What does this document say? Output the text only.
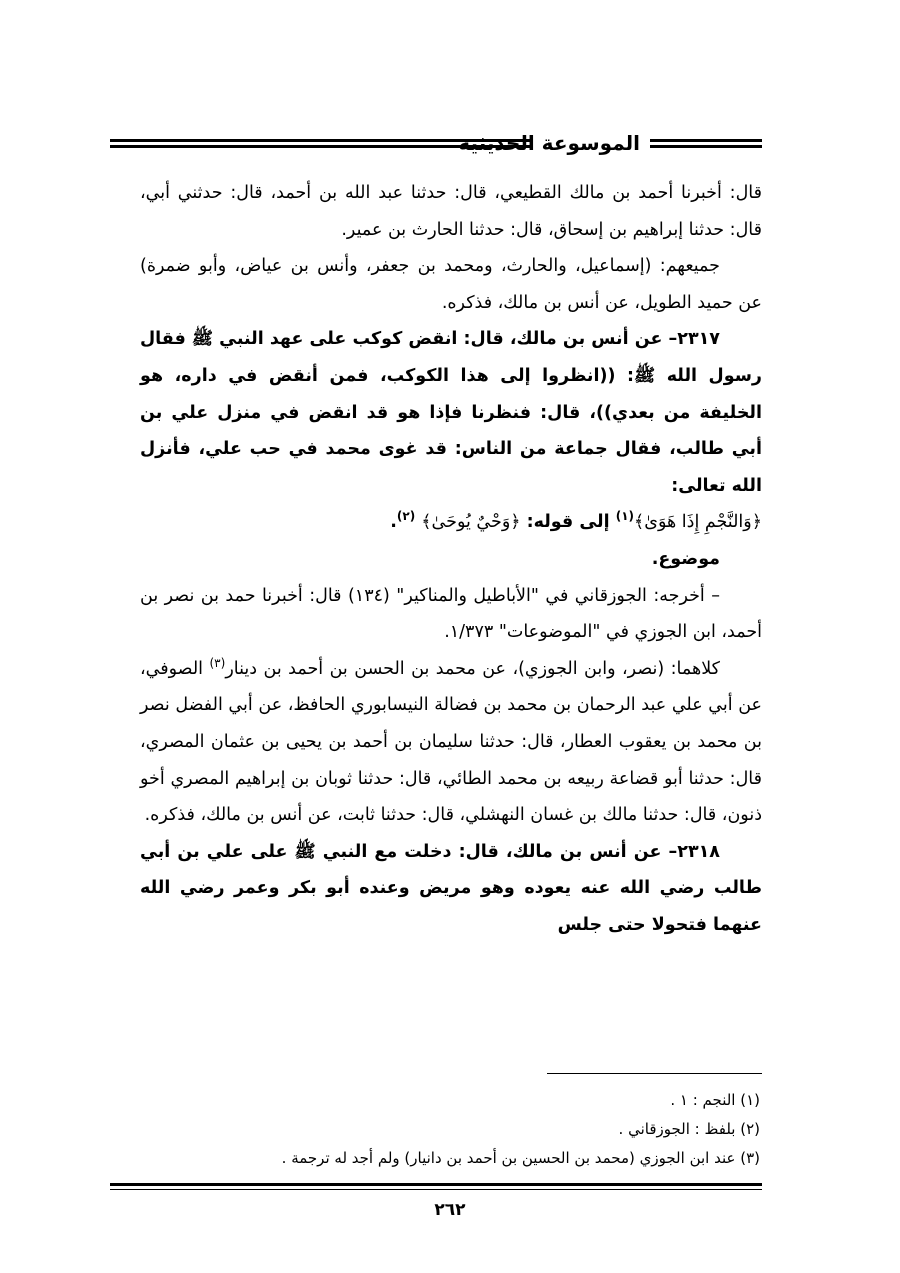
الموسوعة الحديثية

قال: أخبرنا أحمد بن مالك القطيعي، قال: حدثنا عبد الله بن أحمد، قال: حدثني أبي، قال: حدثنا إبراهيم بن إسحاق، قال: حدثنا الحارث بن عمير.

جميعهم: (إسماعيل، والحارث، ومحمد بن جعفر، وأنس بن عياض، وأبو ضمرة) عن حميد الطويل، عن أنس بن مالك، فذكره.

٢٣١٧– عن أنس بن مالك، قال: انقض كوكب على عهد النبي ﷺ فقال رسول الله ﷺ: ((انظروا إلى هذا الكوكب، فمن أنقض في داره، هو الخليفة من بعدي))، قال: فنظرنا فإذا هو قد انقض في منزل علي بن أبي طالب، فقال جماعة من الناس: قد غوى محمد في حب علي، فأنزل الله تعالى:
﴿وَالنَّجْمِ إِذَا هَوَىٰ﴾$^{(١)}$ إلى قوله: ﴿وَحْيٌ يُوحَىٰ﴾ $^{(٢)}$.

موضوع.

– أخرجه: الجوزقاني في "الأباطيل والمناكير" (١٣٤) قال: أخبرنا حمد بن نصر بن أحمد، ابن الجوزي في "الموضوعات" ١/٣٧٣.

كلاهما: (نصر، وابن الجوزي)، عن محمد بن الحسن بن أحمد بن دينار$^{(٣)}$ الصوفي، عن أبي علي عبد الرحمان بن محمد بن فضالة النيسابوري الحافظ، عن أبي الفضل نصر بن محمد بن يعقوب العطار، قال: حدثنا سليمان بن أحمد بن يحيى بن عثمان المصري، قال: حدثنا أبو قضاعة ربيعه بن محمد الطائي، قال: حدثنا ثوبان بن إبراهيم المصري أخو ذنون، قال: حدثنا مالك بن غسان النهشلي، قال: حدثنا ثابت، عن أنس بن مالك، فذكره.

٢٣١٨– عن أنس بن مالك، قال: دخلت مع النبي ﷺ على علي بن أبي طالب رضي الله عنه يعوده وهو مريض وعنده أبو بكر وعمر رضي الله عنهما فتحولا حتى جلس

(١) النجم : ١ .
(٢) بلفظ : الجوزقاني .
(٣) عند ابن الجوزي (محمد بن الحسين بن أحمد بن دانيار) ولم أجد له ترجمة .
٢٦٢
